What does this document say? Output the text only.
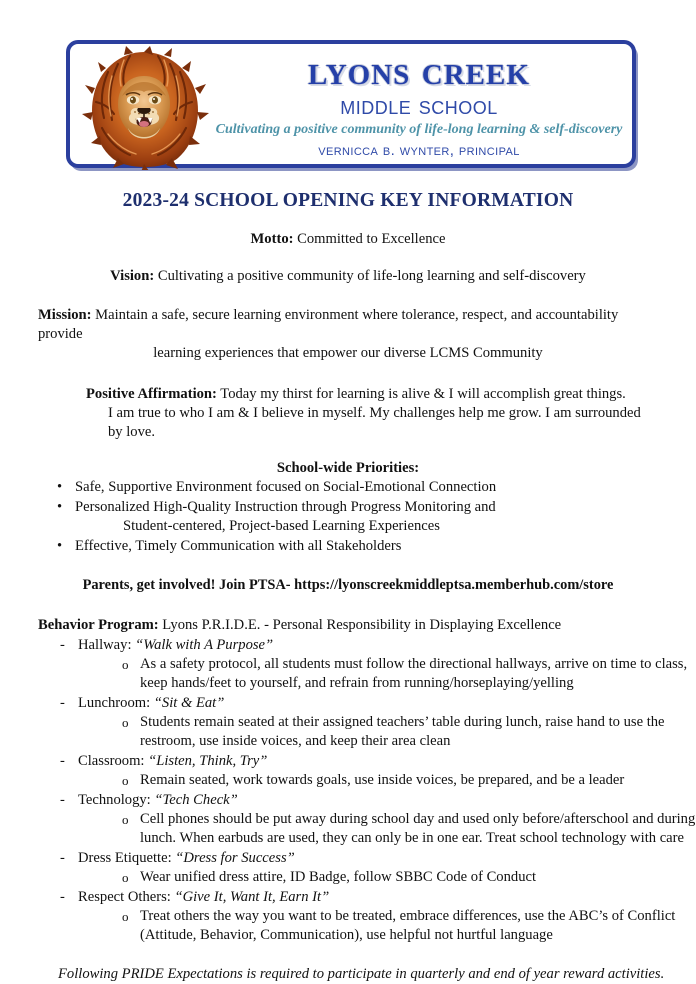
lyons creek
middle school
Cultivating a positive community of life-long learning & self-discovery
vernicca b. wynter, principal
2023-24 SCHOOL OPENING KEY INFORMATION
Motto: Committed to Excellence
Vision: Cultivating a positive community of life-long learning and self-discovery
Mission: Maintain a safe, secure learning environment where tolerance, respect, and accountability provide
learning experiences that empower our diverse LCMS Community
Positive Affirmation: Today my thirst for learning is alive & I will accomplish great things.
I am true to who I am & I believe in myself. My challenges help me grow. I am surrounded by love.
School-wide Priorities:
• Safe, Supportive Environment focused on Social-Emotional Connection
• Personalized High-Quality Instruction through Progress Monitoring and
Student-centered, Project-based Learning Experiences
• Effective, Timely Communication with all Stakeholders
Parents, get involved! Join PTSA- https://lyonscreekmiddleptsa.memberhub.com/store
Behavior Program: Lyons P.R.I.D.E. - Personal Responsibility in Displaying Excellence
- Hallway: “Walk with A Purpose”
o As a safety protocol, all students must follow the directional hallways, arrive on time to class,
keep hands/feet to yourself, and refrain from running/horseplaying/yelling
- Lunchroom: “Sit & Eat”
o Students remain seated at their assigned teachers’ table during lunch, raise hand to use the
restroom, use inside voices, and keep their area clean
- Classroom: “Listen, Think, Try”
o Remain seated, work towards goals, use inside voices, be prepared, and be a leader
- Technology: “Tech Check”
o Cell phones should be put away during school day and used only before/afterschool and during
lunch. When earbuds are used, they can only be in one ear. Treat school technology with care
- Dress Etiquette: “Dress for Success”
o Wear unified dress attire, ID Badge, follow SBBC Code of Conduct
- Respect Others: “Give It, Want It, Earn It”
o Treat others the way you want to be treated, embrace differences, use the ABC’s of Conflict
(Attitude, Behavior, Communication), use helpful not hurtful language
Following PRIDE Expectations is required to participate in quarterly and end of year reward activities.
